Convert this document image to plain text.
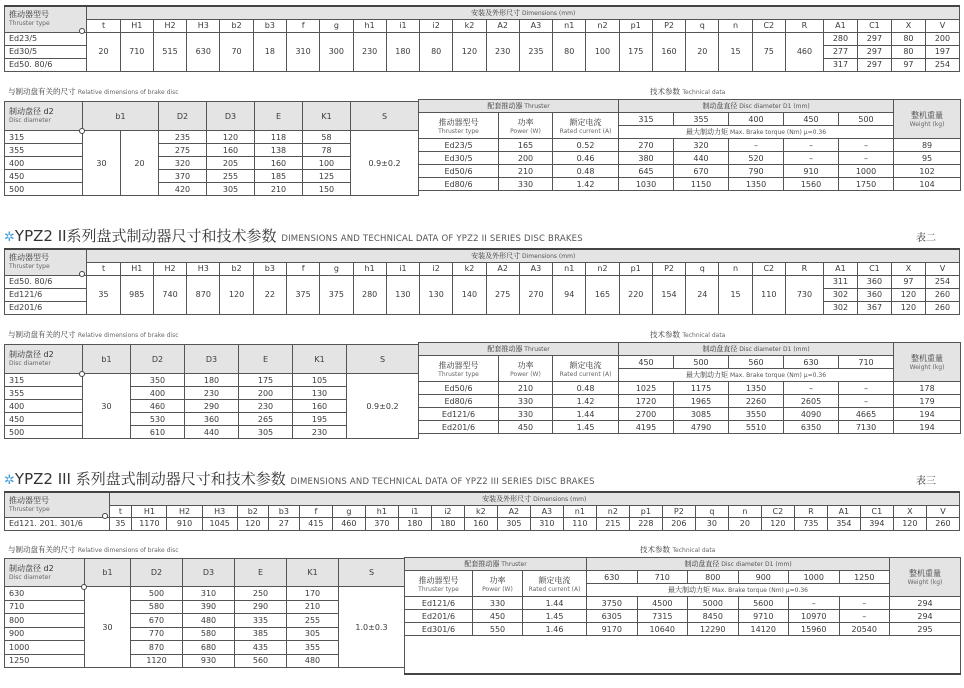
推动器型号
Thruster type	安装及外形尺寸 Dimensions (mm)																									
	t	H1	H2	H3	b2	b3	f	g	h1	i1	i2	k2	A2	A3	n1	n2	p1	P2	q	n	C2	R	A1	C1	X	V
Ed23/5	20	710	515	630	70	18	310	300	230	180	80	120	230	235	80	100	175	160	20	15	75	460	280	297	80	200
Ed30/5																							277	297	80	197
Ed50. 80/6																							317	297	97	254
与制动盘有关的尺寸 Relative dimensions of brake disc
制动盘径 d2
Disc diameter	b1		D2	D3	E	K1	S
315	30	20	235	120	118	58	0.9±0.2
355			275	160	138	78	
400			320	205	160	100	
450			370	255	185	125	
500			420	305	210	150	
技术参数 Technical data
配套推动器 Thruster			制动盘直径 Disc diameter D1 (mm)					整机重量
Weight (kg)

推动器型号
Thruster type	功率
Power (W)	额定电流
Rated current (A)	315	355	400	450	500	
			最大制动力矩 Max. Brake torque (Nm) μ=0.36					
Ed23/5	165	0.52	270	320	–	–	–	89
Ed30/5	200	0.46	380	440	520	–	–	95
Ed50/6	210	0.48	645	670	790	910	1000	102
Ed80/6	330	1.42	1030	1150	1350	1560	1750	104
✲YPZ2 II系列盘式制动器尺寸和技术参数 DIMENSIONS AND TECHNICAL DATA OF YPZ2 II SERIES DISC BRAKES	表二
推动器型号
Thruster type	安装及外形尺寸 Dimensions (mm)																									
	t	H1	H2	H3	b2	b3	f	g	h1	i1	i2	k2	A2	A3	n1	n2	p1	P2	q	n	C2	R	A1	C1	X	V
Ed50. 80/6	35	985	740	870	120	22	375	375	280	130	130	140	275	270	94	165	220	154	24	15	110	730	311	360	97	254
Ed121/6																							302	360	120	260
Ed201/6																							302	367	120	260
与制动盘有关的尺寸 Relative dimensions of brake disc
制动盘径 d2
Disc diameter	b1	D2	D3	E	K1	S
315	30	350	180	175	105	0.9±0.2
355		400	230	200	130	
400		460	290	230	160	
450		530	360	265	195	
500		610	440	305	230	
技术参数 Technical data
配套推动器 Thruster			制动盘直径 Disc diameter D1 (mm)					整机重量
Weight (kg)

推动器型号
Thruster type	功率
Power (W)	额定电流
Rated current (A)	450	500	560	630	710	
			最大制动力矩 Max. Brake torque (Nm) μ=0.36					
Ed50/6	210	0.48	1025	1175	1350	–	–	178
Ed80/6	330	1.42	1720	1965	2260	2605	–	179
Ed121/6	330	1.44	2700	3085	3550	4090	4665	194
Ed201/6	450	1.45	4195	4790	5510	6350	7130	194
✲YPZ2 III 系列盘式制动器尺寸和技术参数 DIMENSIONS AND TECHNICAL DATA OF YPZ2 III SERIES DISC BRAKES	表三
推动器型号
Thruster type	安装及外形尺寸 Dimensions (mm)																									
	t	H1	H2	H3	b2	b3	f	g	h1	i1	i2	k2	A2	A3	n1	n2	p1	P2	q	n	C2	R	A1	C1	X	V
Ed121. 201. 301/6	35	1170	910	1045	120	27	415	460	370	180	180	160	305	310	110	215	228	206	30	20	120	735	354	394	120	260
与制动盘有关的尺寸 Relative dimensions of brake disc
制动盘径 d2
Disc diameter	b1	D2	D3	E	K1	S
630	30	500	310	250	170	1.0±0.3
710		580	390	290	210	
800		670	480	335	255	
900		770	580	385	305	
1000		870	680	435	355	
1250		1120	930	560	480	
技术参数 Technical data
配套推动器 Thruster			制动盘直径 Disc diameter D1 (mm)						整机重量
Weight (kg)

推动器型号
Thruster type	功率
Power (W)	额定电流
Rated current (A)	630	710	800	900	1000	1250	
			最大制动力矩 Max. Brake torque (Nm) μ=0.36						
Ed121/6	330	1.44	3750	4500	5000	5600	–	–	294
Ed201/6	450	1.45	6305	7315	8450	9710	10970	–	294
Ed301/6	550	1.46	9170	10640	12290	14120	15960	20540	295
